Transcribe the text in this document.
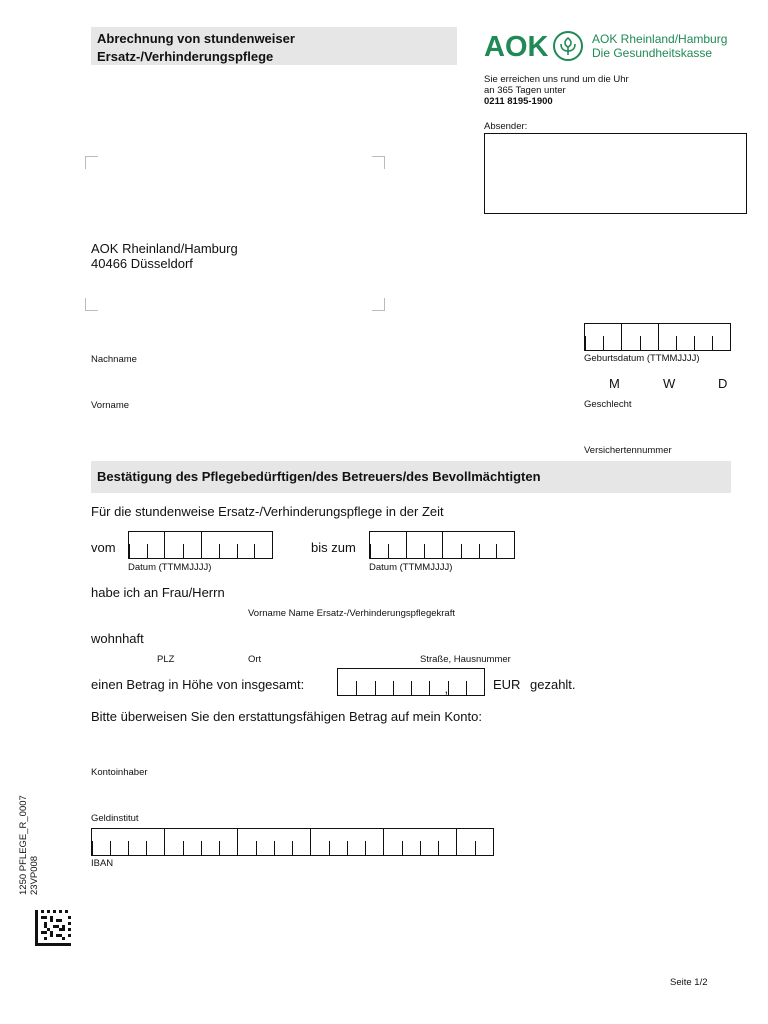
Abrechnung von stundenweiser
Ersatz-/Verhinderungspflege	AOK	AOK Rheinland/Hamburg
Die Gesundheitskasse
Sie erreichen uns rund um die Uhr
an 365 Tagen unter
0211 8195-1900
Absender:
AOK Rheinland/Hamburg
40466 Düsseldorf
Nachname	Geburtsdatum (TTMMJJJJ)
M	W	D
Vorname	Geschlecht
Versichertennummer
Bestätigung des Pflegebedürftigen/des Betreuers/des Bevollmächtigten
Für die stundenweise Ersatz-/Verhinderungspflege in der Zeit
vom
Datum (TTMMJJJJ)
bis zum
Datum (TTMMJJJJ)
habe ich an Frau/Herrn
Vorname Name Ersatz-/Verhinderungspflegekraft
wohnhaft
PLZ	Ort	Straße, Hausnummer
einen Betrag in Höhe von insgesamt:
,	EUR gezahlt.
Bitte überweisen Sie den erstattungsfähigen Betrag auf mein Konto:
Kontoinhaber
Geldinstitut
IBAN
1250 PFLEGE_R_0007 23VP008
Seite 1/2
